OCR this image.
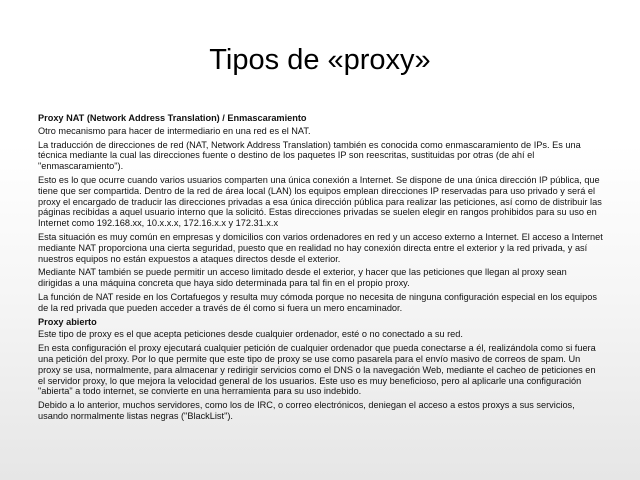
Tipos de «proxy»

Proxy NAT (Network Address Translation) / Enmascaramiento

Otro mecanismo para hacer de intermediario en una red es el NAT.

La traducción de direcciones de red (NAT, Network Address Translation) también es conocida como enmascaramiento de IPs. Es una técnica mediante la cual las direcciones fuente o destino de los paquetes IP son reescritas, sustituidas por otras (de ahí el "enmascaramiento").

Esto es lo que ocurre cuando varios usuarios comparten una única conexión a Internet. Se dispone de una única dirección IP pública, que tiene que ser compartida. Dentro de la red de área local (LAN) los equipos emplean direcciones IP reservadas para uso privado y será el proxy el encargado de traducir las direcciones privadas a esa única dirección pública para realizar las peticiones, así como de distribuir las páginas recibidas a aquel usuario interno que la solicitó. Estas direcciones privadas se suelen elegir en rangos prohibidos para su uso en Internet como 192.168.xx, 10.x.x.x, 172.16.x.x y 172.31.x.x

Esta situación es muy común en empresas y domicilios con varios ordenadores en red y un acceso externo a Internet. El acceso a Internet mediante NAT proporciona una cierta seguridad, puesto que en realidad no hay conexión directa entre el exterior y la red privada, y así nuestros equipos no están expuestos a ataques directos desde el exterior.

Mediante NAT también se puede permitir un acceso limitado desde el exterior, y hacer que las peticiones que llegan al proxy sean dirigidas a una máquina concreta que haya sido determinada para tal fin en el propio proxy.

La función de NAT reside en los Cortafuegos y resulta muy cómoda porque no necesita de ninguna configuración especial en los equipos de la red privada que pueden acceder a través de él como si fuera un mero encaminador.

Proxy abierto

Este tipo de proxy es el que acepta peticiones desde cualquier ordenador, esté o no conectado a su red.

En esta configuración el proxy ejecutará cualquier petición de cualquier ordenador que pueda conectarse a él, realizándola como si fuera una petición del proxy. Por lo que permite que este tipo de proxy se use como pasarela para el envío masivo de correos de spam. Un proxy se usa, normalmente, para almacenar y redirigir servicios como el DNS o la navegación Web, mediante el cacheo de peticiones en el servidor proxy, lo que mejora la velocidad general de los usuarios. Este uso es muy beneficioso, pero al aplicarle una configuración "abierta" a todo internet, se convierte en una herramienta para su uso indebido.

Debido a lo anterior, muchos servidores, como los de IRC, o correo electrónicos, deniegan el acceso a estos proxys a sus servicios, usando normalmente listas negras ("BlackList").
